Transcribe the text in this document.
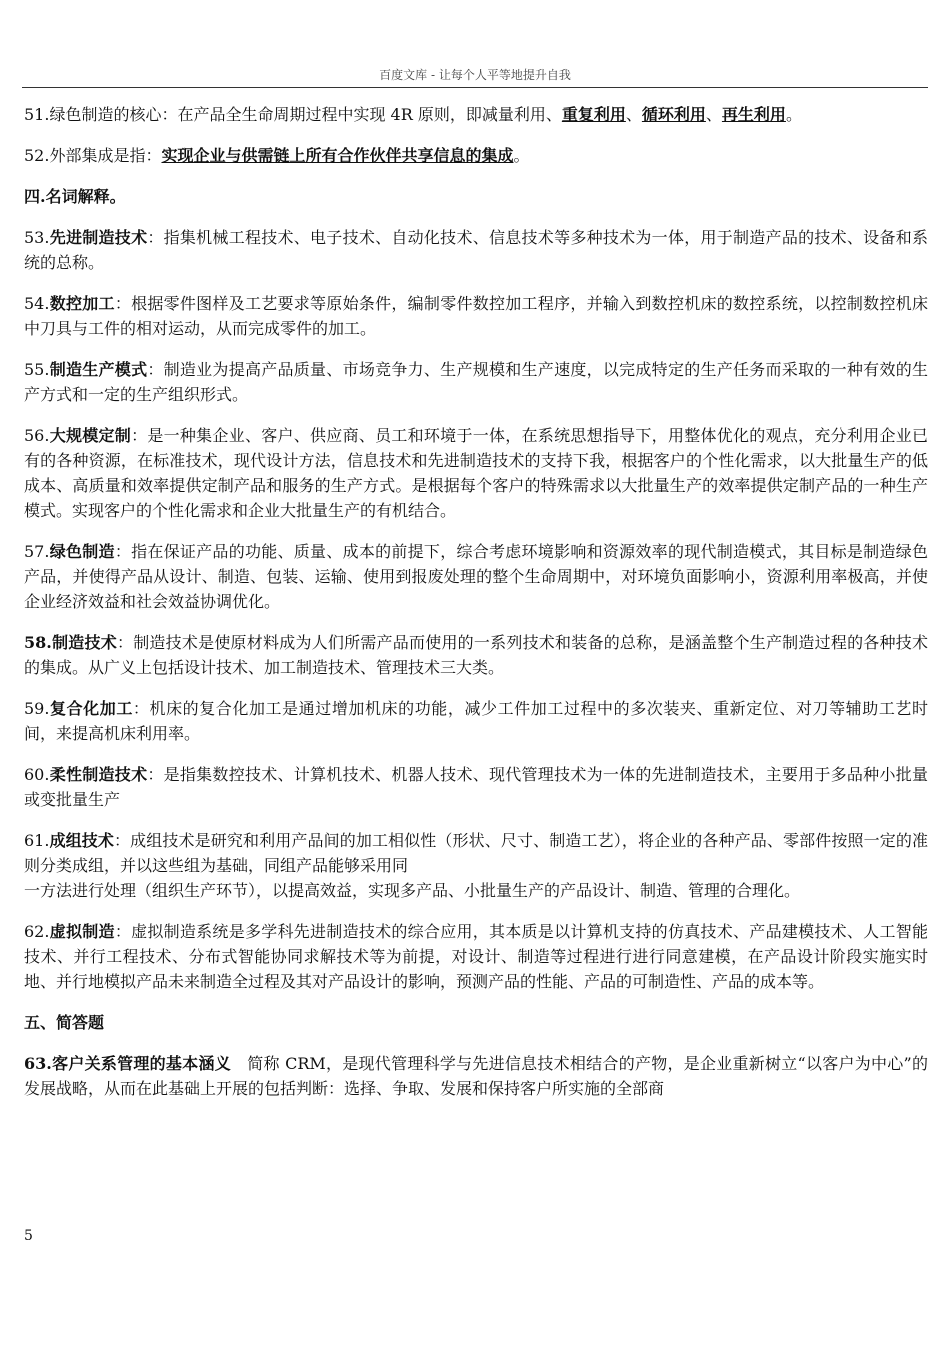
百度文库 - 让每个人平等地提升自我

51.绿色制造的核心：在产品全生命周期过程中实现 4R 原则，即减量利用、重复利用、循环利用、再生利用。

52.外部集成是指：实现企业与供需链上所有合作伙伴共享信息的集成。

四.名词解释。

53.先进制造技术：指集机械工程技术、电子技术、自动化技术、信息技术等多种技术为一体，用于制造产品的技术、设备和系统的总称。

54.数控加工：根据零件图样及工艺要求等原始条件，编制零件数控加工程序，并输入到数控机床的数控系统，以控制数控机床中刀具与工件的相对运动，从而完成零件的加工。

55.制造生产模式：制造业为提高产品质量、市场竞争力、生产规模和生产速度，以完成特定的生产任务而采取的一种有效的生产方式和一定的生产组织形式。

56.大规模定制：是一种集企业、客户、供应商、员工和环境于一体，在系统思想指导下，用整体优化的观点，充分利用企业已有的各种资源，在标准技术，现代设计方法，信息技术和先进制造技术的支持下我，根据客户的个性化需求，以大批量生产的低成本、高质量和效率提供定制产品和服务的生产方式。是根据每个客户的特殊需求以大批量生产的效率提供定制产品的一种生产模式。实现客户的个性化需求和企业大批量生产的有机结合。

57.绿色制造：指在保证产品的功能、质量、成本的前提下，综合考虑环境影响和资源效率的现代制造模式，其目标是制造绿色产品，并使得产品从设计、制造、包装、运输、使用到报废处理的整个生命周期中，对环境负面影响小，资源利用率极高，并使企业经济效益和社会效益协调优化。

58.制造技术：制造技术是使原材料成为人们所需产品而使用的一系列技术和装备的总称，是涵盖整个生产制造过程的各种技术的集成。从广义上包括设计技术、加工制造技术、管理技术三大类。

59.复合化加工：机床的复合化加工是通过增加机床的功能，减少工件加工过程中的多次装夹、重新定位、对刀等辅助工艺时间，来提高机床利用率。

60.柔性制造技术：是指集数控技术、计算机技术、机器人技术、现代管理技术为一体的先进制造技术，主要用于多品种小批量或变批量生产

61.成组技术：成组技术是研究和利用产品间的加工相似性（形状、尺寸、制造工艺），将企业的各种产品、零部件按照一定的准则分类成组，并以这些组为基础，同组产品能够采用同
一方法进行处理（组织生产环节），以提高效益，实现多产品、小批量生产的产品设计、制造、管理的合理化。

62.虚拟制造：虚拟制造系统是多学科先进制造技术的综合应用，其本质是以计算机支持的仿真技术、产品建模技术、人工智能技术、并行工程技术、分布式智能协同求解技术等为前提，对设计、制造等过程进行进行同意建模，在产品设计阶段实施实时地、并行地模拟产品未来制造全过程及其对产品设计的影响，预测产品的性能、产品的可制造性、产品的成本等。

五、简答题

63.客户关系管理的基本涵义　简称 CRM，是现代管理科学与先进信息技术相结合的产物，是企业重新树立“以客户为中心”的发展战略，从而在此基础上开展的包括判断：选择、争取、发展和保持客户所实施的全部商

5
